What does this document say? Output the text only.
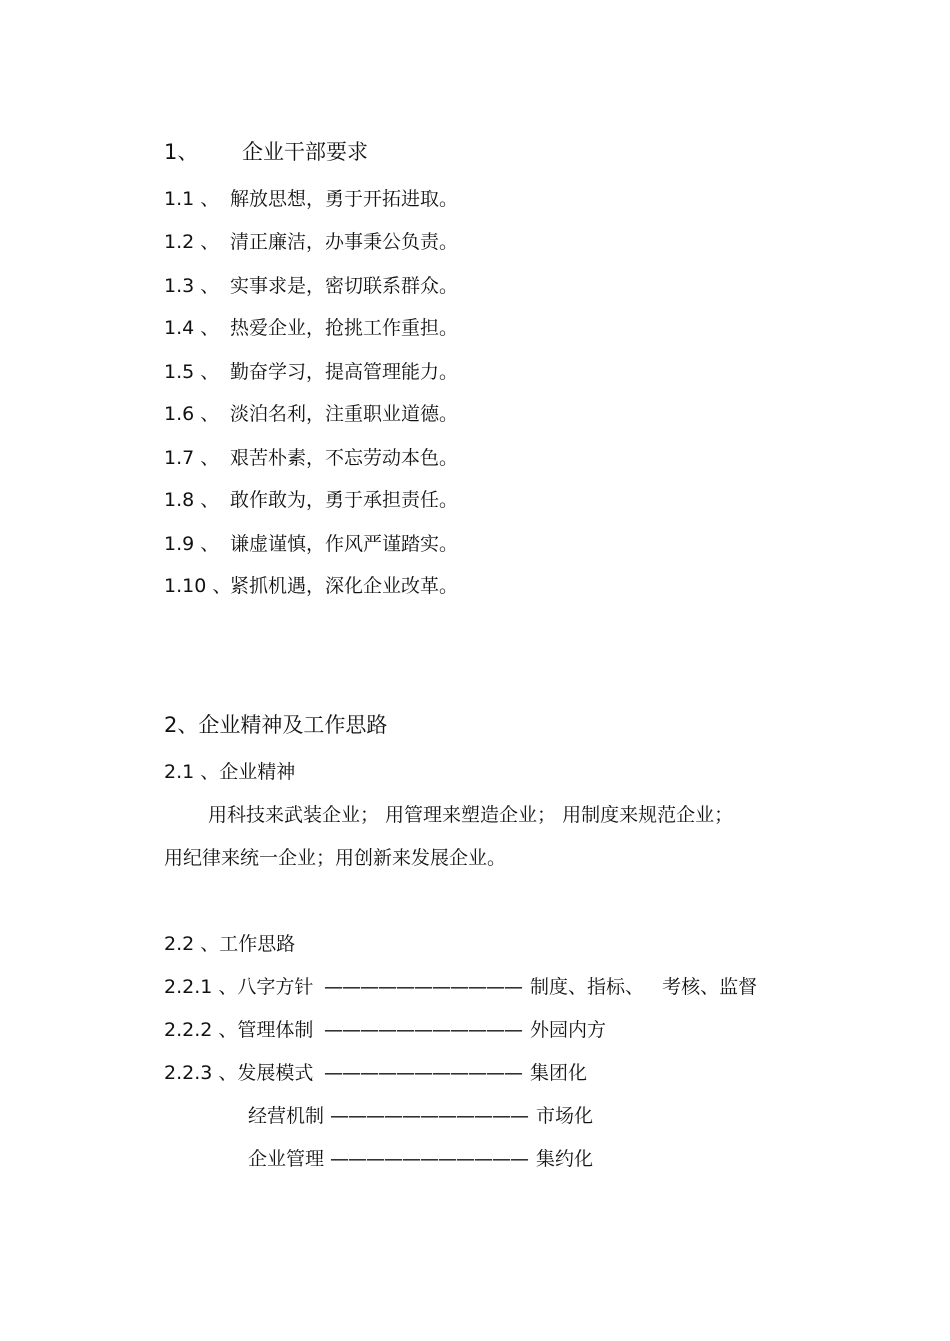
1、 企业干部要求
1.1 、 解放思想，勇于开拓进取。
1.2 、 清正廉洁，办事秉公负责。
1.3 、 实事求是，密切联系群众。
1.4 、 热爱企业，抢挑工作重担。
1.5 、 勤奋学习，提高管理能力。
1.6 、 淡泊名利，注重职业道德。
1.7 、 艰苦朴素，不忘劳动本色。
1.8 、 敢作敢为，勇于承担责任。
1.9 、 谦虚谨慎，作风严谨踏实。
1.10 、紧抓机遇，深化企业改革。
2、企业精神及工作思路
2.1 、企业精神
用科技来武装企业； 用管理来塑造企业； 用制度来规范企业；
用纪律来统一企业；用创新来发展企业。
2.2 、工作思路
2.2.1 、八字方针 ——————————— 制度、指标、   考核、监督
2.2.2 、管理体制 ——————————— 外园内方
2.2.3 、发展模式 ——————————— 集团化
经营机制 ——————————— 市场化
企业管理 ——————————— 集约化
